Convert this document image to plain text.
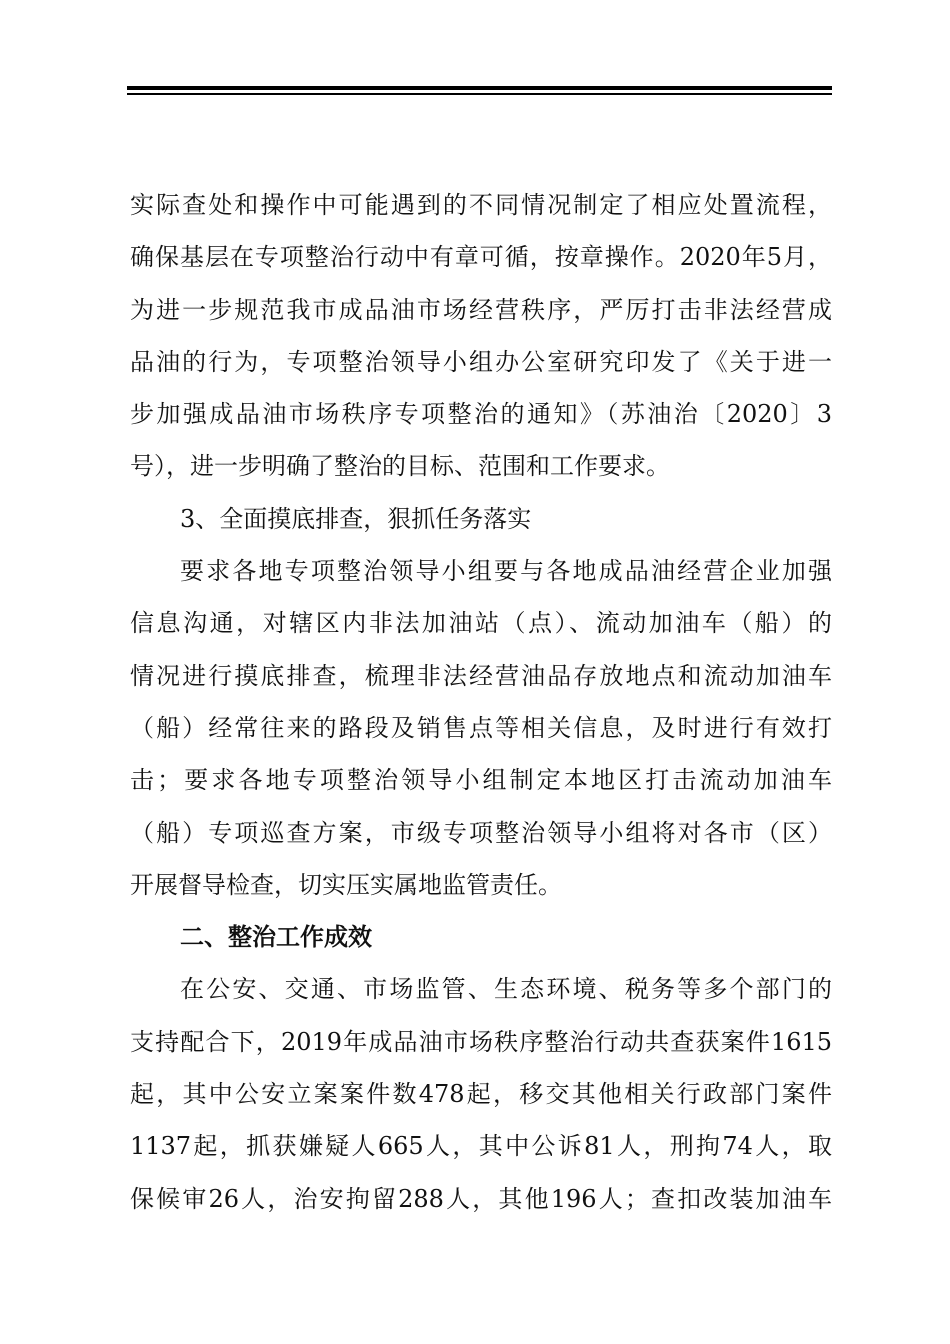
实际查处和操作中可能遇到的不同情况制定了相应处置流程，
确保基层在专项整治行动中有章可循，按章操作。2020年5月，
为进一步规范我市成品油市场经营秩序，严厉打击非法经营成
品油的行为，专项整治领导小组办公室研究印发了《关于进一
步加强成品油市场秩序专项整治的通知》（苏油治〔2020〕3
号），进一步明确了整治的目标、范围和工作要求。
3、全面摸底排查，狠抓任务落实
要求各地专项整治领导小组要与各地成品油经营企业加强
信息沟通，对辖区内非法加油站（点）、流动加油车（船）的
情况进行摸底排查，梳理非法经营油品存放地点和流动加油车
（船）经常往来的路段及销售点等相关信息，及时进行有效打
击；要求各地专项整治领导小组制定本地区打击流动加油车
（船）专项巡查方案，市级专项整治领导小组将对各市（区）
开展督导检查，切实压实属地监管责任。
二、整治工作成效
在公安、交通、市场监管、生态环境、税务等多个部门的
支持配合下，2019年成品油市场秩序整治行动共查获案件1615
起，其中公安立案案件数478起，移交其他相关行政部门案件
1137起，抓获嫌疑人665人，其中公诉81人，刑拘74人，取
保候审26人，治安拘留288人，其他196人；查扣改装加油车
